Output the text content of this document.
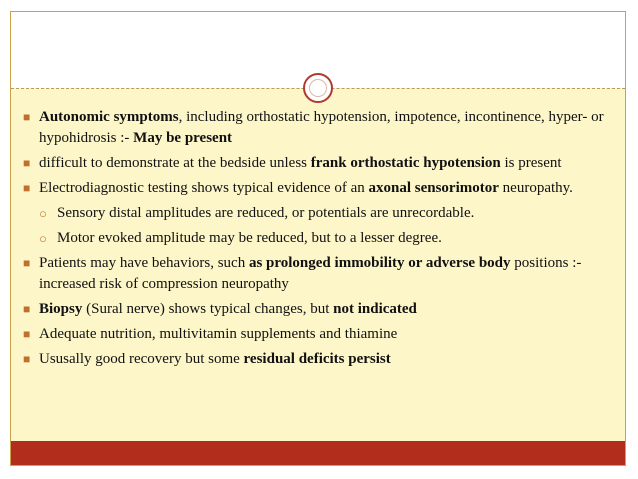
■ Autonomic symptoms, including orthostatic hypotension, impotence, incontinence, hyper- or hypohidrosis :- May be present
■ difficult to demonstrate at the bedside unless frank orthostatic hypotension is present
■ Electrodiagnostic testing shows typical evidence of an axonal sensorimotor neuropathy.
○ Sensory distal amplitudes are reduced, or potentials are unrecordable.
○ Motor evoked amplitude may be reduced, but to a lesser degree.
■ Patients may have behaviors, such as prolonged immobility or adverse body positions :- increased risk of compression neuropathy
■ Biopsy (Sural nerve) shows typical changes, but not indicated
■ Adequate nutrition, multivitamin supplements and thiamine
■ Ususally good recovery but some residual deficits persist
